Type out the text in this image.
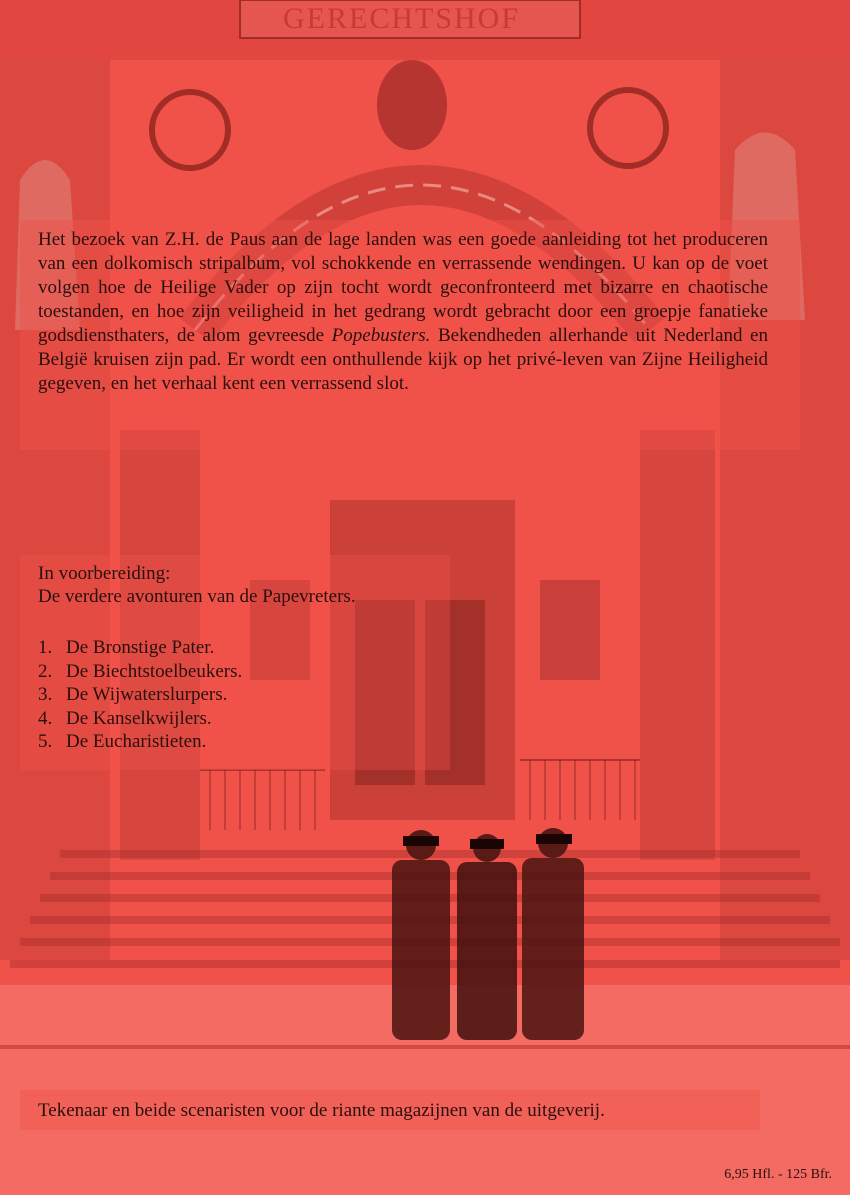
GERECHTSHOF
Het bezoek van Z.H. de Paus aan de lage landen was een goede aanleiding tot het produceren van een dolkomisch stripalbum, vol schokkende en verrassende wendingen. U kan op de voet volgen hoe de Heilige Vader op zijn tocht wordt geconfronteerd met bizarre en chaotische toestanden, en hoe zijn veiligheid in het gedrang wordt gebracht door een groepje fanatieke godsdiensthaters, de alom gevreesde Popebusters. Bekendheden allerhande uit Nederland en België kruisen zijn pad. Er wordt een onthullende kijk op het privé-leven van Zijne Heiligheid gegeven, en het verhaal kent een verrassend slot.
In voorbereiding:
De verdere avonturen van de Papevreters.
1. De Bronstige Pater.
2. De Biechtstoelbeukers.
3. De Wijwaterslurpers.
4. De Kanselkwijlers.
5. De Eucharistieten.
Tekenaar en beide scenaristen voor de riante magazijnen van de uitgeverij.
6,95 Hfl. - 125 Bfr.
